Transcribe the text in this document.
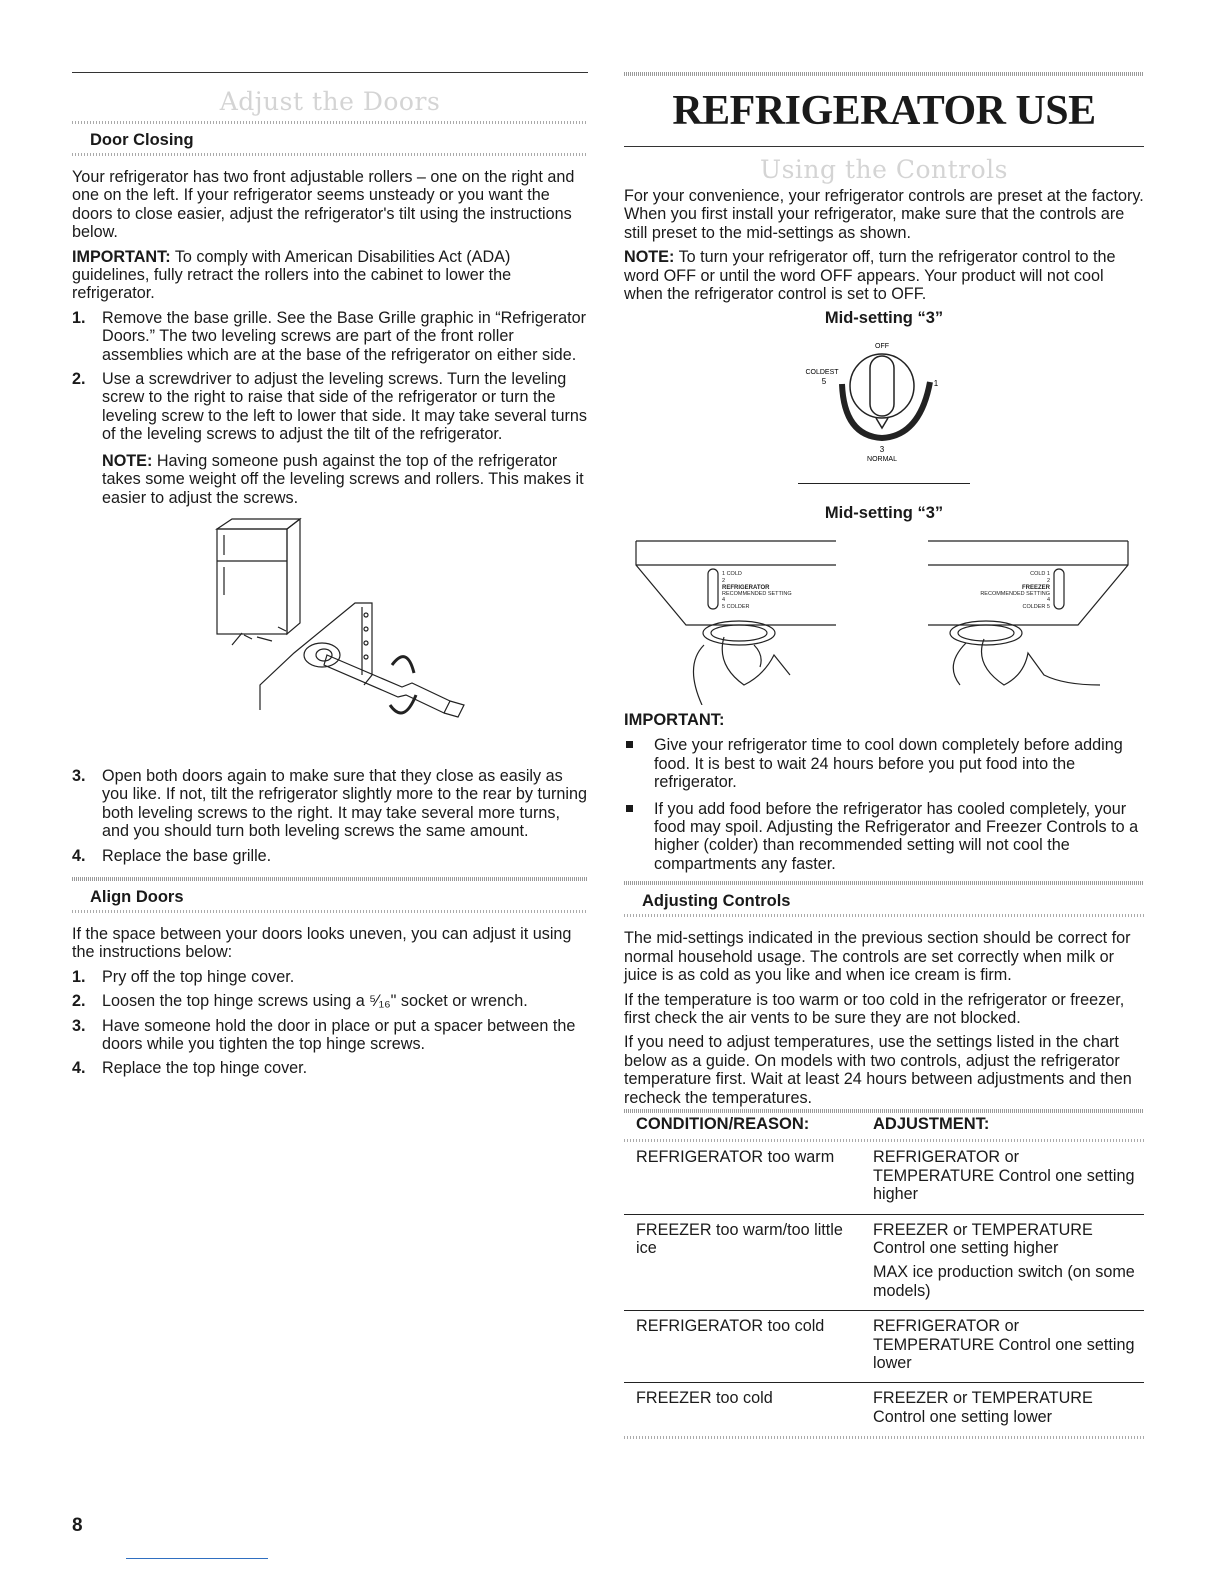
Adjust the Doors
Door Closing

Your refrigerator has two front adjustable rollers – one on the right and one on the left. If your refrigerator seems unsteady or you want the doors to close easier, adjust the refrigerator's tilt using the instructions below.

IMPORTANT: To comply with American Disabilities Act (ADA) guidelines, fully retract the rollers into the cabinet to lower the refrigerator.

1. Remove the base grille. See the Base Grille graphic in “Refrigerator Doors.” The two leveling screws are part of the front roller assemblies which are at the base of the refrigerator on either side.
2. Use a screwdriver to adjust the leveling screws. Turn the leveling screw to the right to raise that side of the refrigerator or turn the leveling screw to the left to lower that side. It may take several turns of the leveling screws to adjust the tilt of the refrigerator.
NOTE: Having someone push against the top of the refrigerator takes some weight off the leveling screws and rollers. This makes it easier to adjust the screws.
3. Open both doors again to make sure that they close as easily as you like. If not, tilt the refrigerator slightly more to the rear by turning both leveling screws to the right. It may take several more turns, and you should turn both leveling screws the same amount.
4. Replace the base grille.
Align Doors

If the space between your doors looks uneven, you can adjust it using the instructions below:

1. Pry off the top hinge cover.
2. Loosen the top hinge screws using a ⁵⁄₁₆" socket or wrench.
3. Have someone hold the door in place or put a spacer between the doors while you tighten the top hinge screws.
4. Replace the top hinge cover.
REFRIGERATOR USE
Using the Controls

For your convenience, your refrigerator controls are preset at the factory. When you first install your refrigerator, make sure that the controls are still preset to the mid-settings as shown.

NOTE: To turn your refrigerator off, turn the refrigerator control to the word OFF or until the word OFF appears. Your product will not cool when the refrigerator control is set to OFF.

Mid-setting “3”
OFF
COLDEST
5	1
3
NORMAL
Mid-setting “3”
1 COLD
2
REFRIGERATOR
RECOMMENDED SETTING
4
5 COLDER
COLD 1
2
FREEZER
RECOMMENDED SETTING
4
COLDER 5
IMPORTANT:
Give your refrigerator time to cool down completely before adding food. It is best to wait 24 hours before you put food into the refrigerator.
If you add food before the refrigerator has cooled completely, your food may spoil. Adjusting the Refrigerator and Freezer Controls to a higher (colder) than recommended setting will not cool the compartments any faster.
Adjusting Controls

The mid-settings indicated in the previous section should be correct for normal household usage. The controls are set correctly when milk or juice is as cold as you like and when ice cream is firm.

If the temperature is too warm or too cold in the refrigerator or freezer, first check the air vents to be sure they are not blocked.

If you need to adjust temperatures, use the settings listed in the chart below as a guide. On models with two controls, adjust the refrigerator temperature first. Wait at least 24 hours between adjustments and then recheck the temperatures.

CONDITION/REASON:	ADJUSTMENT:

REFRIGERATOR too warm	REFRIGERATOR or TEMPERATURE Control one setting higher
FREEZER too warm/too little ice	FREEZER or TEMPERATURE Control one setting higher
MAX ice production switch (on some models)

REFRIGERATOR too cold	REFRIGERATOR or TEMPERATURE Control one setting lower
FREEZER too cold	FREEZER or TEMPERATURE Control one setting lower
8
